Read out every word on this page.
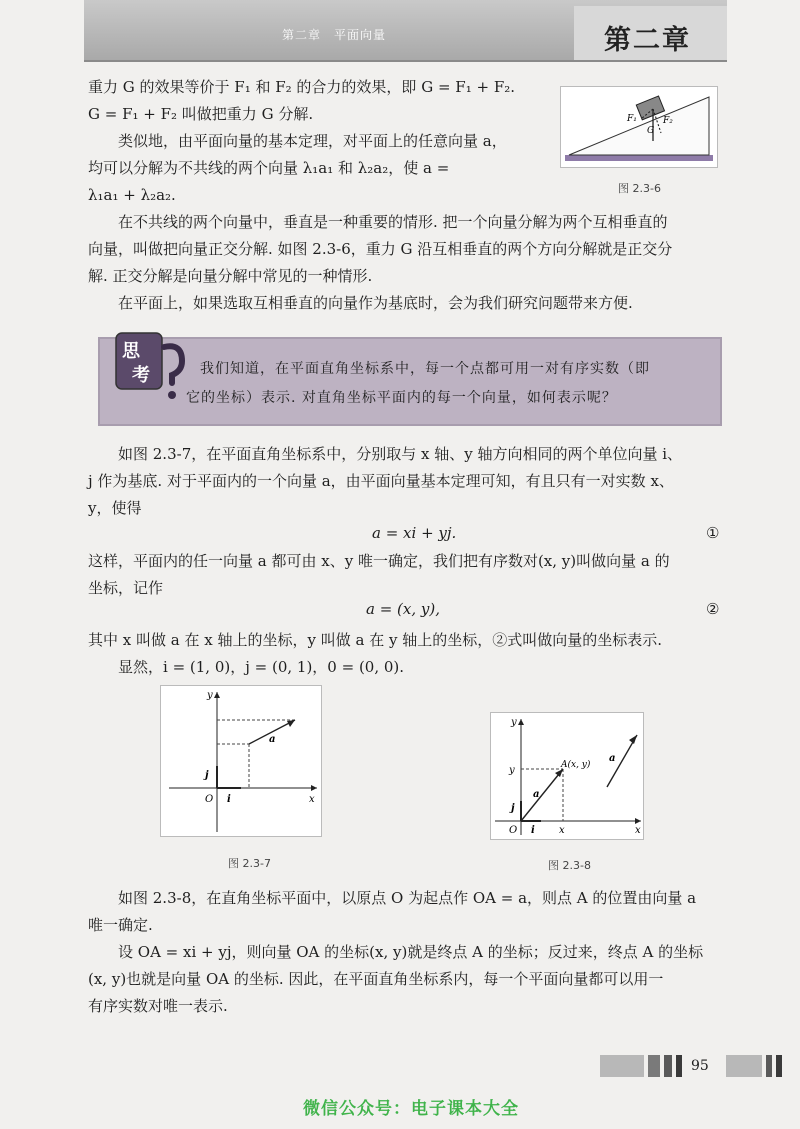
第二章　平面向量	第二章

重力 G 的效果等价于 F₁ 和 F₂ 的合力的效果，即 G = F₁ + F₂.

G = F₁ + F₂ 叫做把重力 G 分解.

类似地，由平面向量的基本定理，对平面上的任意向量 a，

均可以分解为不共线的两个向量 λ₁a₁ 和 λ₂a₂，使 a =

λ₁a₁ + λ₂a₂.

F₁	F₂
G
图 2.3-6

在不共线的两个向量中，垂直是一种重要的情形. 把一个向量分解为两个互相垂直的

向量，叫做把向量正交分解. 如图 2.3-6，重力 G 沿互相垂直的两个方向分解就是正交分

解. 正交分解是向量分解中常见的一种情形.

在平面上，如果选取互相垂直的向量作为基底时，会为我们研究问题带来方便.

思
考	我们知道，在平面直角坐标系中，每一个点都可用一对有序实数（即
它的坐标）表示. 对直角坐标平面内的每一个向量，如何表示呢？

如图 2.3-7，在平面直角坐标系中，分别取与 x 轴、y 轴方向相同的两个单位向量 i、

j 作为基底. 对于平面内的一个向量 a，由平面向量基本定理可知，有且只有一对实数 x、

y，使得

a = xi + yj.	①

这样，平面内的任一向量 a 都可由 x、y 唯一确定，我们把有序数对(x, y)叫做向量 a 的

坐标，记作

a = (x, y),	②

其中 x 叫做 a 在 x 轴上的坐标，y 叫做 a 在 y 轴上的坐标，②式叫做向量的坐标表示.

显然，i = (1, 0)，j = (0, 1)，0 = (0, 0).

y
x
O i
j
a
图 2.3-7
y
x
O i
j
a
a
A(x, y)
x
y
图 2.3-8

如图 2.3-8，在直角坐标平面中，以原点 O 为起点作 OA = a，则点 A 的位置由向量 a

唯一确定.

设 OA = xi + yj，则向量 OA 的坐标(x, y)就是终点 A 的坐标；反过来，终点 A 的坐标

(x, y)也就是向量 OA 的坐标. 因此，在平面直角坐标系内，每一个平面向量都可以用一

有序实数对唯一表示.

95
微信公众号：电子课本大全
